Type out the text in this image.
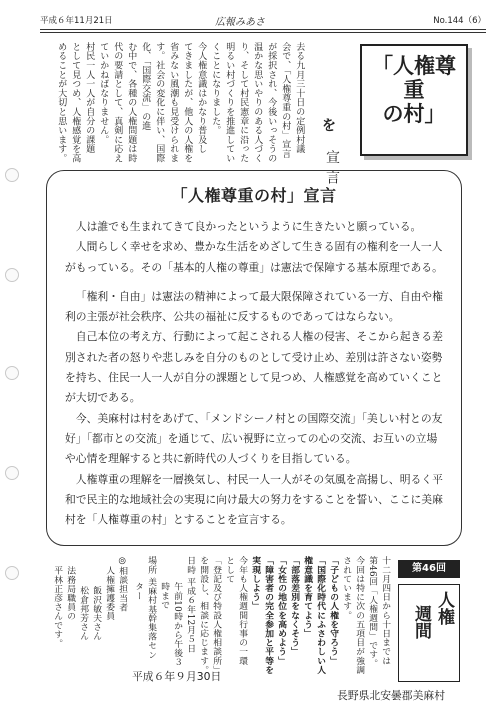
平成６年11月21日	広報みあさ	No.144（6）
去る九月三十日の定例村議
会で、「人権尊重の村」宣言
が採択され、今後いっそうの
温かな思いやりのある人づく
り、そして村民憲章に沿った
明るい村づくりを推進してい
くことになりました。
今人権意識はかなり普及し
てきましたが、他人の人権を
省みない風潮も見受けられま
す。社会の変化に伴い、国際
化、「国際交流」の進
む中で、各種の人権問題は時
代の要請として、真剣に応え
ていかねばなりません。
村民一人一人が自分の課題
として見つめ、人権感覚を高
めることが大切と思います。	「人権尊重
の村」
を
宣言
「人権尊重の村」宣言

人は誰でも生まれてきて良かったというように生きたいと願っている。

人間らしく幸せを求め、豊かな生活をめざして生きる固有の権利を一人一人がもっている。その「基本的人権の尊重」は憲法で保障する基本原理である。

「権利・自由」は憲法の精神によって最大限保障されている一方、自由や権利の主張が社会秩序、公共の福祉に反するものであってはならない。

自己本位の考え方、行動によって起こされる人権の侵害、そこから起きる差別された者の怒りや悲しみを自分のものとして受け止め、差別は許さない姿勢を持ち、住民一人一人が自分の課題として見つめ、人権感覚を高めていくことが大切である。

今、美麻村は村をあげて、「メンドシーノ村との国際交流」「美しい村との友好」「都市との交流」を通じて、広い視野に立っての心の交流、お互いの立場や心情を理解すると共に新時代の人づくりを目指している。

人権尊重の理解を一層換気し、村民一人一人がその気風を高揚し、明るく平和で民主的な地域社会の実現に向け最大の努力をすることを誓い、ここに美麻村を「人権尊重の村」とすることを宣言する。

平成６年９月30日
長野県北安曇郡美麻村
十二月四日から十日までは
第46回「人権週間」です。
今回は特に次の五項目が強調
されています。
「子どもの人権を守ろう」
「国際化時代にふさわしい人
権意識を育てよう」
「部落差別をなくそう」
「女性の地位を高めよう」
「障害者の完全参加と平等を
実現しよう」
今年も人権週間行事の一環
として
「登記及び特設人権相談所」
を開設し、相談に応じます。
日時 平成６年12月５日
午前10時から午後３
時まで
場所 美麻村基幹集落セン
ター
◎相談担当者
人権擁護委員
飯沢敏夫さん
松倉邦芳さん
法務局職員の
平林正彦さんです。	第46回
人権
週間
